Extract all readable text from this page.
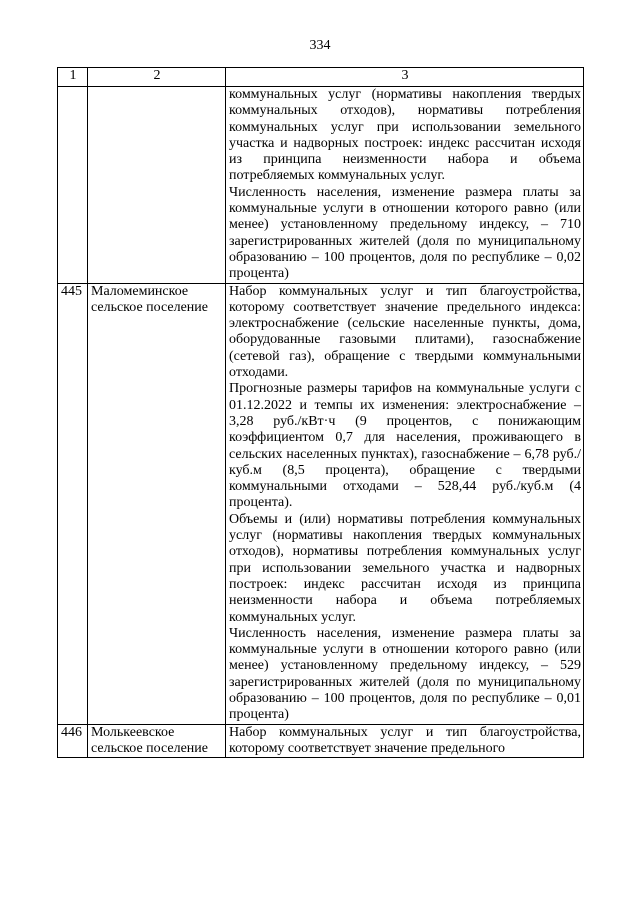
334
1	2	3

		коммунальных услуг (нормативы накопления твердых коммунальных отходов), нормативы потребления коммунальных услуг при использовании земельного участка и надворных построек: индекс рассчитан исходя из принципа неизменности набора и объема потребляемых коммунальных услуг.

Численность населения, изменение размера платы за коммунальные услуги в отношении которого равно (или менее) установленному предельному индексу, – 710 зарегистрированных жителей (доля по муниципальному образованию – 100 процентов, доля по республике – 0,02 процента)

445	Маломеминское сельское поселение	Набор коммунальных услуг и тип благоустройства, которому соответствует значение предельного индекса: электроснабжение (сельские населенные пункты, дома, оборудованные газовыми плитами), газоснабжение (сетевой газ), обращение с твердыми коммунальными отходами.

Прогнозные размеры тарифов на коммунальные услуги с 01.12.2022 и темпы их изменения: электроснабжение – 3,28 руб./кВт·ч (9 процентов, с понижающим коэффициентом 0,7 для населения, проживающего в сельских населенных пунктах), газоснабжение – 6,78 руб./куб.м (8,5 процента), обращение с твердыми коммунальными отходами – 528,44 руб./куб.м (4 процента).

Объемы и (или) нормативы потребления коммунальных услуг (нормативы накопления твердых коммунальных отходов), нормативы потребления коммунальных услуг при использовании земельного участка и надворных построек: индекс рассчитан исходя из принципа неизменности набора и объема потребляемых коммунальных услуг.

Численность населения, изменение размера платы за коммунальные услуги в отношении которого равно (или менее) установленному предельному индексу, – 529 зарегистрированных жителей (доля по муниципальному образованию – 100 процентов, доля по республике – 0,01 процента)

446	Молькеевское сельское поселение	Набор коммунальных услуг и тип благоустройства, которому соответствует значение предельного
